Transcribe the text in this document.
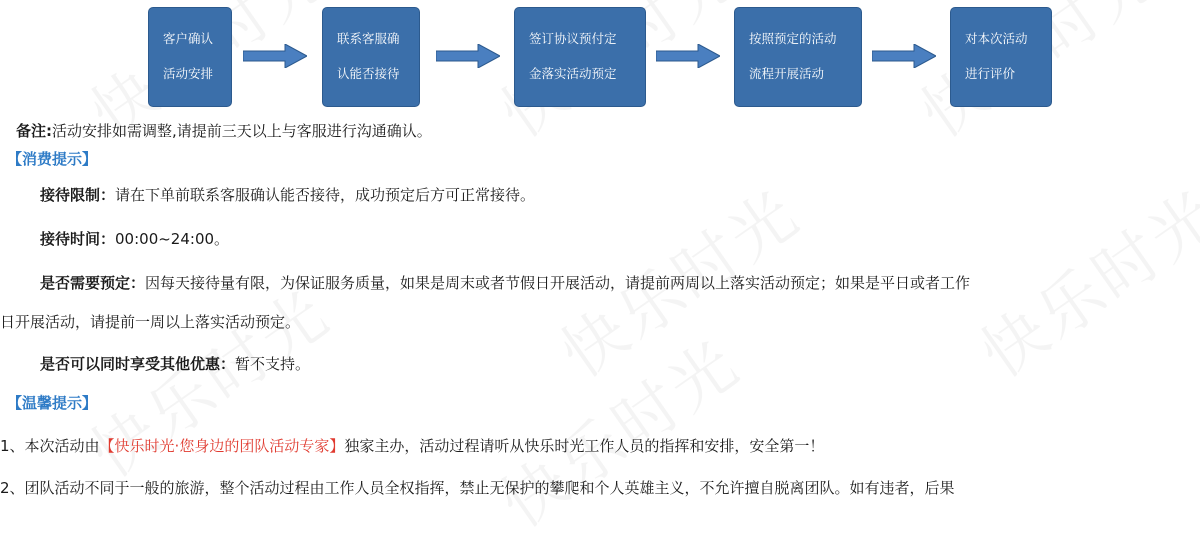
客户确认
活动安排
联系客服确
认能否接待
签订协议预付定
金落实活动预定
按照预定的活动
流程开展活动
对本次活动
进行评价
备注:活动安排如需调整,请提前三天以上与客服进行沟通确认。
【消费提示】
接待限制：请在下单前联系客服确认能否接待，成功预定后方可正常接待。
接待时间：00:00~24:00。
是否需要预定：因每天接待量有限，为保证服务质量，如果是周末或者节假日开展活动，请提前两周以上落实活动预定；如果是平日或者工作
日开展活动，请提前一周以上落实活动预定。
是否可以同时享受其他优惠：暂不支持。
【温馨提示】
1、本次活动由【快乐时光·您身边的团队活动专家】独家主办，活动过程请听从快乐时光工作人员的指挥和安排，安全第一！
2、团队活动不同于一般的旅游，整个活动过程由工作人员全权指挥，禁止无保护的攀爬和个人英雄主义，不允许擅自脱离团队。如有违者，后果
